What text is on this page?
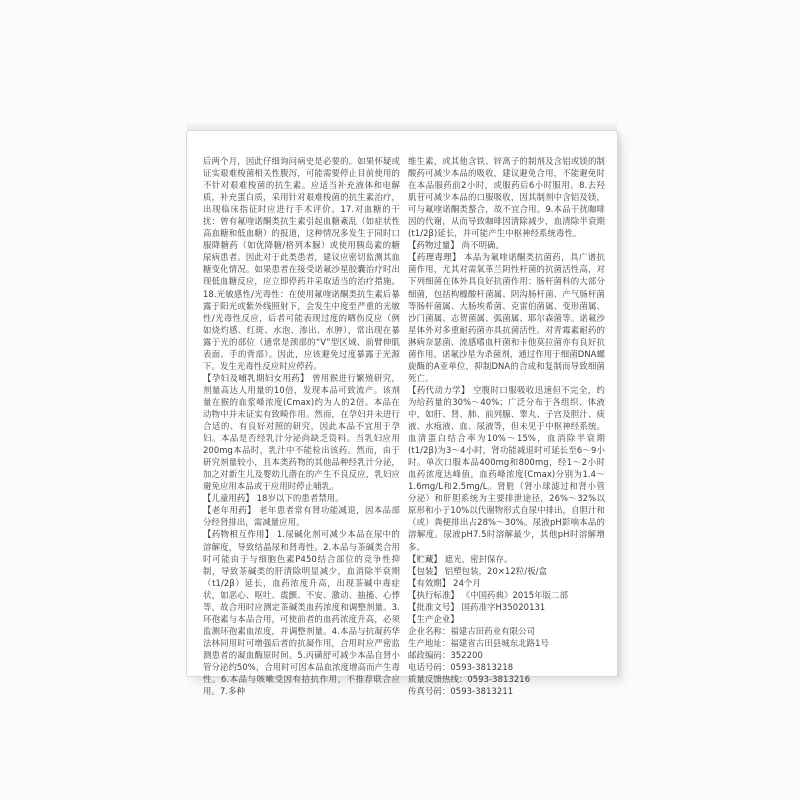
后两个月，因此仔细询问病史是必要的。如果怀疑或证实艰难梭菌相关性腹泻，可能需要停止目前使用的不针对艰难梭菌的抗生素。应适当补充液体和电解质，补充蛋白质，采用针对艰难梭菌的抗生素治疗，出现临床指征时应进行手术评价。17.对血糖的干扰：曾有氟喹诺酮类抗生素引起血糖紊乱（如症状性高血糖和低血糖）的报道，这种情况多发生于同时口服降糖药（如优降糖/格列本脲）或使用胰岛素的糖尿病患者。因此对于此类患者，建议应密切监测其血糖变化情况。如果患者在接受诺氟沙星胶囊治疗时出现低血糖反应，应立即停药并采取适当的治疗措施。18.光敏感性/光毒性：在使用氟喹诺酮类抗生素后暴露于阳光或紫外线照射下，会发生中度至严重的光敏性/光毒性反应，后者可能表现过度的晒伤反应（例如烧灼感、红斑、水泡、渗出、水肿），常出现在暴露于光的部位（通常是颈部的“V”型区域、前臂伸肌表面、手的背部）。因此，应该避免过度暴露于光源下。发生光毒性反应时应停药。

【孕妇及哺乳期妇女用药】 曾用猴进行繁殖研究，剂量高达人用量的10倍，发现本品可致流产。该剂量在猴的血浆峰浓度(Cmax)约为人的2倍。本品在动物中并未证实有致畸作用。然而，在孕妇并未进行合适的、有良好对照的研究，因此本品不宜用于孕妇。本品是否经乳汁分泌尚缺乏资料。当乳妇应用200mg本品时，乳汁中不能检出该药。然而，由于研究剂量较小，且本类药物的其他品种经乳汁分泌，加之对新生儿及婴幼儿潜在的产生不良反应，乳妇应避免应用本品或于应用时停止哺乳。

【儿童用药】 18岁以下的患者禁用。

【老年用药】 老年患者常有肾功能减退，因本品部分经肾排出，需减量应用。

【药物相互作用】 1.尿碱化剂可减少本品在尿中的溶解度，导致结晶尿和肾毒性。2.本品与茶碱类合用时可能由于与细胞色素P450结合部位的竞争性抑制，导致茶碱类的肝清除明显减少，血消除半衰期（t1/2β）延长，血药浓度升高，出现茶碱中毒症状，如恶心、呕吐、震颤、不安、激动、抽搐、心悸等，故合用时应测定茶碱类血药浓度和调整剂量。3.环孢素与本品合用，可使前者的血药浓度升高，必须监测环孢素血浓度，并调整剂量。4.本品与抗凝药华法林同用时可增强后者的抗凝作用，合用时应严密监测患者的凝血酶原时间。5.丙磺舒可减少本品自肾小管分泌约50%，合用时可因本品血浓度增高而产生毒性。6.本品与咳嗽受因有拮抗作用，不推荐联合应用。7.多种

维生素，或其他含铁、锌离子的制剂及含铝或镁的制酸药可减少本品的吸收，建议避免合用，不能避免时在本品服药前2小时，或服药后6小时服用。8.去羟肌苷可减少本品的口服吸收，因其制剂中含铝及镁，可与氟喹诺酮类螯合，故不宜合用。9.本品干扰咖啡因的代谢，从而导致咖啡因清除减少，血清除半衰期(t1/2β)延长，并可能产生中枢神经系统毒性。

【药物过量】 尚不明确。

【药理毒理】 本品为氟喹诺酮类抗菌药，具广谱抗菌作用，尤其对需氧革兰阴性杆菌的抗菌活性高，对下列细菌在体外具良好抗菌作用：肠杆菌科的大部分细菌，包括枸橼酸杆菌属、阴沟肠杆菌、产气肠杆菌等肠杆菌属、大肠埃希菌、克雷伯菌属、变形菌属、沙门菌属、志贺菌属、弧菌属、耶尔森菌等。诺氟沙星体外对多重耐药菌亦具抗菌活性。对青霉素耐药的淋病奈瑟菌、流感嗜血杆菌和卡他莫拉菌亦有良好抗菌作用。诺氟沙星为杀菌剂，通过作用于细菌DNA螺旋酶的A亚单位，抑制DNA的合成和复制而导致细菌死亡。

【药代动力学】 空腹时口服吸收迅速但不完全，约为给药量的30%～40%；广泛分布于各组织、体液中，如肝、肾、肺、前列腺、睾丸、子宫及胆汁、痰液、水疱液、血、尿液等，但未见于中枢神经系统。血清蛋白结合率为10%～15%，血消除半衰期(t1/2β)为3～4小时，肾功能减退时可延长至6～9小时。单次口服本品400mg和800mg，经1～2小时血药浓度达峰值，血药峰浓度(Cmax)分别为1.4～1.6mg/L和2.5mg/L。肾脏（肾小球滤过和肾小管分泌）和肝胆系统为主要排泄途径，26%～32%以原形和小于10%以代谢物形式自尿中排出，自胆汁和（或）粪便排出占28%～30%。尿液pH影响本品的溶解度。尿液pH7.5时溶解最少，其他pH时溶解增多。

【贮藏】 遮光，密封保存。

【包装】 铝塑包装，20×12粒/板/盒

【有效期】 24个月

【执行标准】 《中国药典》2015年版二部

【批准文号】 国药准字H35020131

【生产企业】

企业名称：福建古田药业有限公司

生产地址：福建省古田县城东北路1号

邮政编码：352200

电话号码：0593-3813218

质量反馈热线：0593-3813216

传真号码：0593-3813211
